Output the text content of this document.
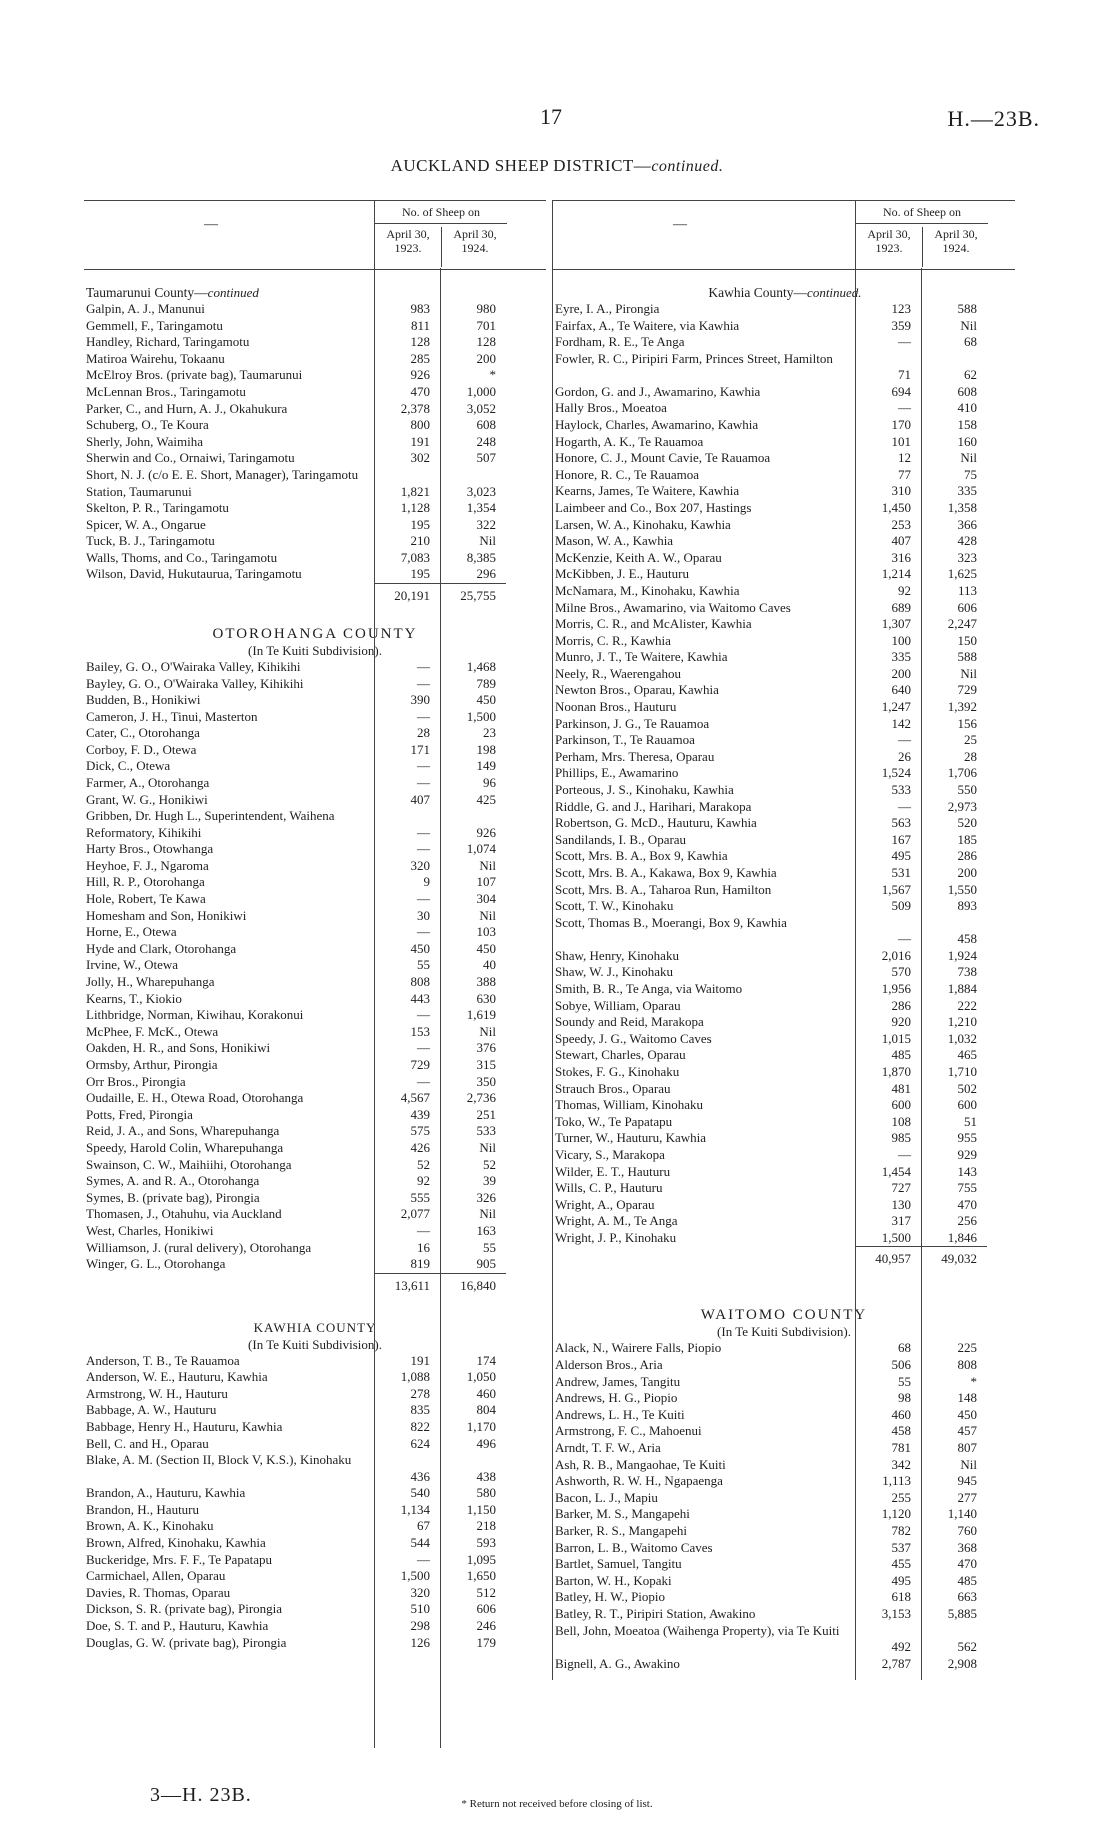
17	H.—23B.
AUCKLAND SHEEP DISTRICT—continued.
—
No. of Sheep on
April 30, 1923.
April 30, 1924.
Taumarunui County—continued
Galpin, A. J., Manunui	983	980
Gemmell, F., Taringamotu	811	701
Handley, Richard, Taringamotu	128	128
Matiroa Wairehu, Tokaanu	285	200
McElroy Bros. (private bag), Taumarunui	926	*
McLennan Bros., Taringamotu	470	1,000
Parker, C., and Hurn, A. J., Okahukura	2,378	3,052
Schuberg, O., Te Koura	800	608
Sherly, John, Waimiha	191	248
Sherwin and Co., Ornaiwi, Taringamotu	302	507
Short, N. J. (c/o E. E. Short, Manager), Taringamotu Station, Taumarunui	1,821	3,023
Skelton, P. R., Taringamotu	1,128	1,354
Spicer, W. A., Ongarue	195	322
Tuck, B. J., Taringamotu	210	Nil
Walls, Thoms, and Co., Taringamotu	7,083	8,385
Wilson, David, Hukutaurua, Taringamotu	195	296
20,191	25,755
OTOROHANGA COUNTY
(In Te Kuiti Subdivision).
Bailey, G. O., O'Wairaka Valley, Kihikihi	—	1,468
Bayley, G. O., O'Wairaka Valley, Kihikihi	—	789
Budden, B., Honikiwi	390	450
Cameron, J. H., Tinui, Masterton	—	1,500
Cater, C., Otorohanga	28	23
Corboy, F. D., Otewa	171	198
Dick, C., Otewa	—	149
Farmer, A., Otorohanga	—	96
Grant, W. G., Honikiwi	407	425
Gribben, Dr. Hugh L., Superintendent, Waihena Reformatory, Kihikihi	—	926
Harty Bros., Otowhanga	—	1,074
Heyhoe, F. J., Ngaroma	320	Nil
Hill, R. P., Otorohanga	9	107
Hole, Robert, Te Kawa	—	304
Homesham and Son, Honikiwi	30	Nil
Horne, E., Otewa	—	103
Hyde and Clark, Otorohanga	450	450
Irvine, W., Otewa	55	40
Jolly, H., Wharepuhanga	808	388
Kearns, T., Kiokio	443	630
Lithbridge, Norman, Kiwihau, Korakonui	—	1,619
McPhee, F. McK., Otewa	153	Nil
Oakden, H. R., and Sons, Honikiwi	—	376
Ormsby, Arthur, Pirongia	729	315
Orr Bros., Pirongia	—	350
Oudaille, E. H., Otewa Road, Otorohanga	4,567	2,736
Potts, Fred, Pirongia	439	251
Reid, J. A., and Sons, Wharepuhanga	575	533
Speedy, Harold Colin, Wharepuhanga	426	Nil
Swainson, C. W., Maihiihi, Otorohanga	52	52
Symes, A. and R. A., Otorohanga	92	39
Symes, B. (private bag), Pirongia	555	326
Thomasen, J., Otahuhu, via Auckland	2,077	Nil
West, Charles, Honikiwi	—	163
Williamson, J. (rural delivery), Otorohanga	16	55
Winger, G. L., Otorohanga	819	905
13,611	16,840
KAWHIA COUNTY
(In Te Kuiti Subdivision).
Anderson, T. B., Te Rauamoa	191	174
Anderson, W. E., Hauturu, Kawhia	1,088	1,050
Armstrong, W. H., Hauturu	278	460
Babbage, A. W., Hauturu	835	804
Babbage, Henry H., Hauturu, Kawhia	822	1,170
Bell, C. and H., Oparau	624	496
Blake, A. M. (Section II, Block V, K.S.), Kinohaku
436	438
Brandon, A., Hauturu, Kawhia	540	580
Brandon, H., Hauturu	1,134	1,150
Brown, A. K., Kinohaku	67	218
Brown, Alfred, Kinohaku, Kawhia	544	593
Buckeridge, Mrs. F. F., Te Papatapu	—	1,095
Carmichael, Allen, Oparau	1,500	1,650
Davies, R. Thomas, Oparau	320	512
Dickson, S. R. (private bag), Pirongia	510	606
Doe, S. T. and P., Hauturu, Kawhia	298	246
Douglas, G. W. (private bag), Pirongia	126	179
—
No. of Sheep on
April 30, 1923.
April 30, 1924.
Kawhia County—continued.
Eyre, I. A., Pirongia	123	588
Fairfax, A., Te Waitere, via Kawhia	359	Nil
Fordham, R. E., Te Anga	—	68
Fowler, R. C., Piripiri Farm, Princes Street, Hamilton
71	62
Gordon, G. and J., Awamarino, Kawhia	694	608
Hally Bros., Moeatoa	—	410
Haylock, Charles, Awamarino, Kawhia	170	158
Hogarth, A. K., Te Rauamoa	101	160
Honore, C. J., Mount Cavie, Te Rauamoa	12	Nil
Honore, R. C., Te Rauamoa	77	75
Kearns, James, Te Waitere, Kawhia	310	335
Laimbeer and Co., Box 207, Hastings	1,450	1,358
Larsen, W. A., Kinohaku, Kawhia	253	366
Mason, W. A., Kawhia	407	428
McKenzie, Keith A. W., Oparau	316	323
McKibben, J. E., Hauturu	1,214	1,625
McNamara, M., Kinohaku, Kawhia	92	113
Milne Bros., Awamarino, via Waitomo Caves	689	606
Morris, C. R., and McAlister, Kawhia	1,307	2,247
Morris, C. R., Kawhia	100	150
Munro, J. T., Te Waitere, Kawhia	335	588
Neely, R., Waerengahou	200	Nil
Newton Bros., Oparau, Kawhia	640	729
Noonan Bros., Hauturu	1,247	1,392
Parkinson, J. G., Te Rauamoa	142	156
Parkinson, T., Te Rauamoa	—	25
Perham, Mrs. Theresa, Oparau	26	28
Phillips, E., Awamarino	1,524	1,706
Porteous, J. S., Kinohaku, Kawhia	533	550
Riddle, G. and J., Harihari, Marakopa	—	2,973
Robertson, G. McD., Hauturu, Kawhia	563	520
Sandilands, I. B., Oparau	167	185
Scott, Mrs. B. A., Box 9, Kawhia	495	286
Scott, Mrs. B. A., Kakawa, Box 9, Kawhia	531	200
Scott, Mrs. B. A., Taharoa Run, Hamilton	1,567	1,550
Scott, T. W., Kinohaku	509	893
Scott, Thomas B., Moerangi, Box 9, Kawhia
—	458
Shaw, Henry, Kinohaku	2,016	1,924
Shaw, W. J., Kinohaku	570	738
Smith, B. R., Te Anga, via Waitomo	1,956	1,884
Sobye, William, Oparau	286	222
Soundy and Reid, Marakopa	920	1,210
Speedy, J. G., Waitomo Caves	1,015	1,032
Stewart, Charles, Oparau	485	465
Stokes, F. G., Kinohaku	1,870	1,710
Strauch Bros., Oparau	481	502
Thomas, William, Kinohaku	600	600
Toko, W., Te Papatapu	108	51
Turner, W., Hauturu, Kawhia	985	955
Vicary, S., Marakopa	—	929
Wilder, E. T., Hauturu	1,454	143
Wills, C. P., Hauturu	727	755
Wright, A., Oparau	130	470
Wright, A. M., Te Anga	317	256
Wright, J. P., Kinohaku	1,500	1,846
40,957	49,032
WAITOMO COUNTY
(In Te Kuiti Subdivision).
Alack, N., Wairere Falls, Piopio	68	225
Alderson Bros., Aria	506	808
Andrew, James, Tangitu	55	*
Andrews, H. G., Piopio	98	148
Andrews, L. H., Te Kuiti	460	450
Armstrong, F. C., Mahoenui	458	457
Arndt, T. F. W., Aria	781	807
Ash, R. B., Mangaohae, Te Kuiti	342	Nil
Ashworth, R. W. H., Ngapaenga	1,113	945
Bacon, L. J., Mapiu	255	277
Barker, M. S., Mangapehi	1,120	1,140
Barker, R. S., Mangapehi	782	760
Barron, L. B., Waitomo Caves	537	368
Bartlet, Samuel, Tangitu	455	470
Barton, W. H., Kopaki	495	485
Batley, H. W., Piopio	618	663
Batley, R. T., Piripiri Station, Awakino	3,153	5,885
Bell, John, Moeatoa (Waihenga Property), via Te Kuiti
492	562
Bignell, A. G., Awakino	2,787	2,908
3—H. 23B.	* Return not received before closing of list.
